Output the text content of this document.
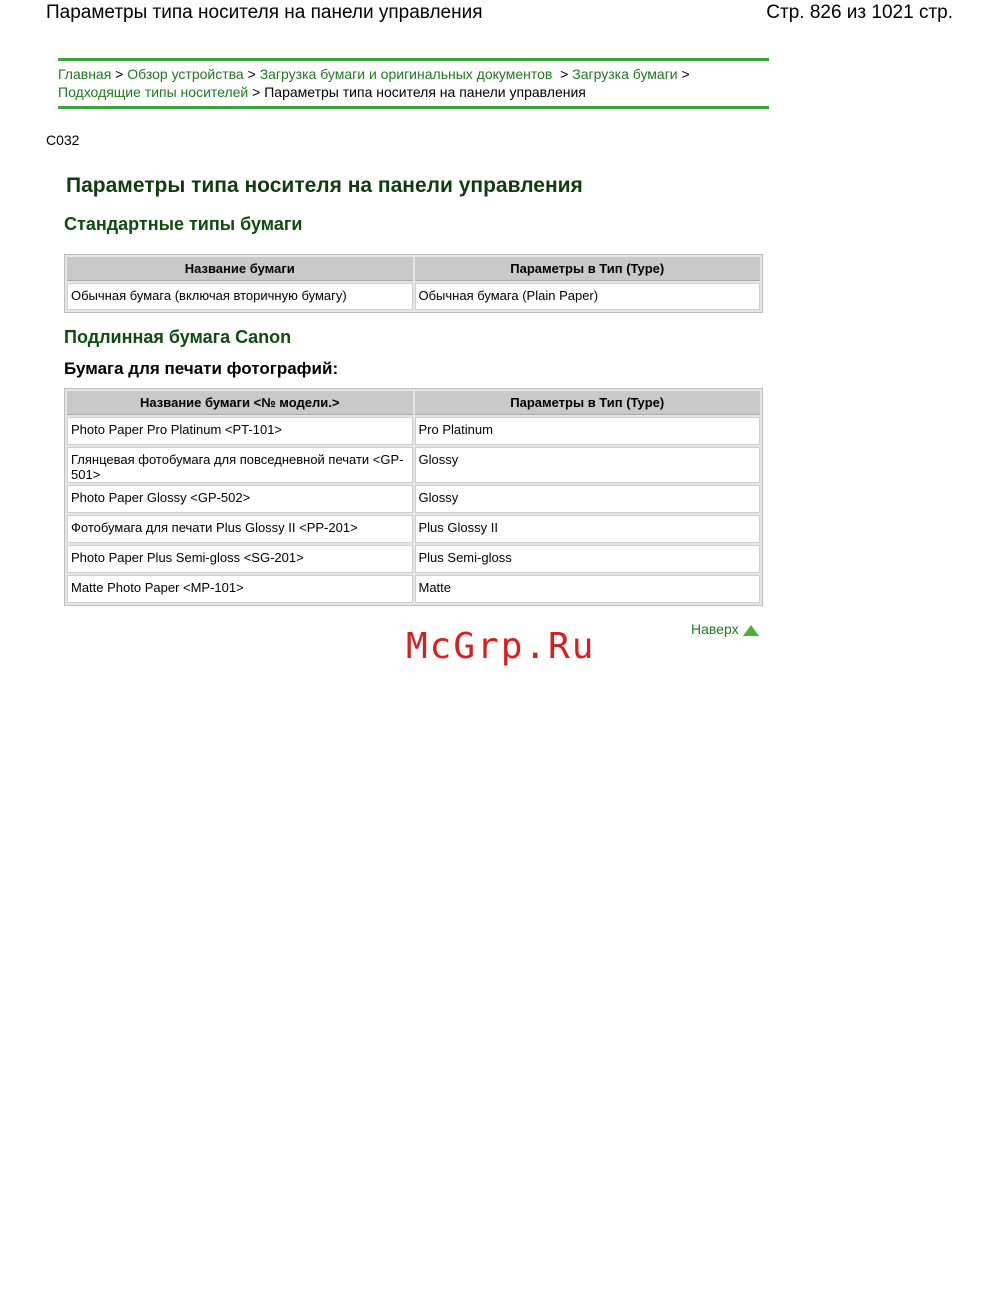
Параметры типа носителя на панели управления	Стр. 826 из 1021 стр.
Главная > Обзор устройства > Загрузка бумаги и оригинальных документов  > Загрузка бумаги >
Подходящие типы носителей > Параметры типа носителя на панели управления
C032
Параметры типа носителя на панели управления
Стандартные типы бумаги
Название бумаги	Параметры в Тип (Type)
Обычная бумага (включая вторичную бумагу)	Обычная бумага (Plain Paper)
Подлинная бумага Canon
Бумага для печати фотографий:
Название бумаги <№ модели.>	Параметры в Тип (Type)
Photo Paper Pro Platinum <PT-101>	Pro Platinum
Глянцевая фотобумага для повседневной печати <GP-501>	Glossy
Photo Paper Glossy <GP-502>	Glossy
Фотобумага для печати Plus Glossy II <PP-201>	Plus Glossy II
Photo Paper Plus Semi-gloss <SG-201>	Plus Semi-gloss
Matte Photo Paper <MP-101>	Matte
Наверх
McGrp.Ru
